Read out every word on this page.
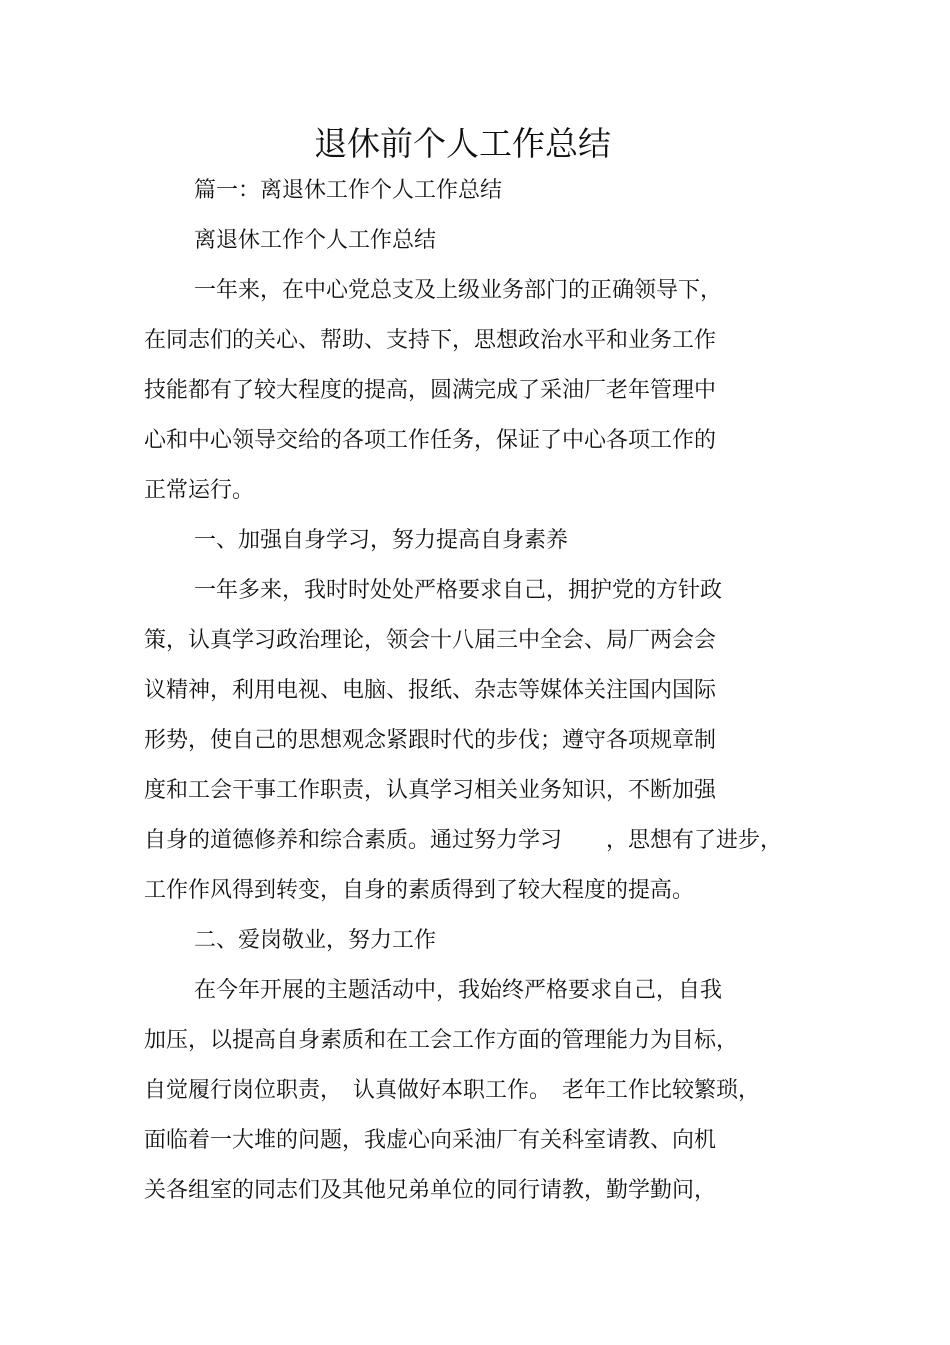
退休前个人工作总结

篇一：离退休工作个人工作总结

离退休工作个人工作总结

一年来，在中心党总支及上级业务部门的正确领导下，

在同志们的关心、帮助、支持下，思想政治水平和业务工作

技能都有了较大程度的提高，圆满完成了采油厂老年管理中

心和中心领导交给的各项工作任务，保证了中心各项工作的

正常运行。

一、加强自身学习，努力提高自身素养

一年多来，我时时处处严格要求自己，拥护党的方针政

策，认真学习政治理论，领会十八届三中全会、局厂两会会

议精神，利用电视、电脑、报纸、杂志等媒体关注国内国际

形势，使自己的思想观念紧跟时代的步伐；遵守各项规章制

度和工会干事工作职责，认真学习相关业务知识，不断加强

自身的道德修养和综合素质。通过努力学习　　，思想有了进步，

工作作风得到转变，自身的素质得到了较大程度的提高。

二、爱岗敬业，努力工作

在今年开展的主题活动中，我始终严格要求自己，自我

加压，以提高自身素质和在工会工作方面的管理能力为目标，

自觉履行岗位职责，　认真做好本职工作。　老年工作比较繁琐，

面临着一大堆的问题，我虚心向采油厂有关科室请教、向机

关各组室的同志们及其他兄弟单位的同行请教，勤学勤问，
